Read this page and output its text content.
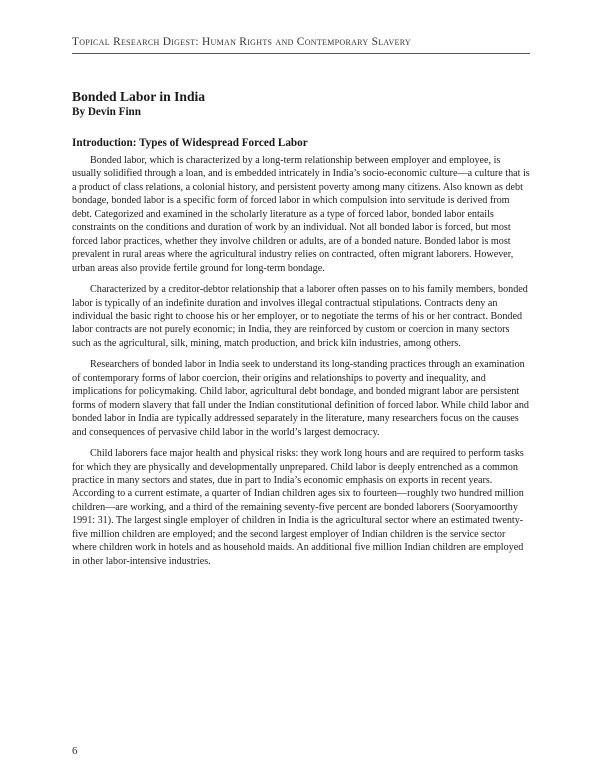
Topical Research Digest: Human Rights and Contemporary Slavery
Bonded Labor in India
By Devin Finn
Introduction: Types of Widespread Forced Labor

Bonded labor, which is characterized by a long-term relationship between employer and employee, is usually solidified through a loan, and is embedded intricately in India’s socio-economic culture—a culture that is a product of class relations, a colonial history, and persistent poverty among many citizens. Also known as debt bondage, bonded labor is a specific form of forced labor in which compulsion into servitude is derived from debt. Categorized and examined in the scholarly literature as a type of forced labor, bonded labor entails constraints on the conditions and duration of work by an individual. Not all bonded labor is forced, but most forced labor practices, whether they involve children or adults, are of a bonded nature. Bonded labor is most prevalent in rural areas where the agricultural industry relies on contracted, often migrant laborers. However, urban areas also provide fertile ground for long-term bondage.

Characterized by a creditor-debtor relationship that a laborer often passes on to his family members, bonded labor is typically of an indefinite duration and involves illegal contractual stipulations. Contracts deny an individual the basic right to choose his or her employer, or to negotiate the terms of his or her contract. Bonded labor contracts are not purely economic; in India, they are reinforced by custom or coercion in many sectors such as the agricultural, silk, mining, match production, and brick kiln industries, among others.

Researchers of bonded labor in India seek to understand its long-standing practices through an examination of contemporary forms of labor coercion, their origins and relationships to poverty and inequality, and implications for policymaking. Child labor, agricultural debt bondage, and bonded migrant labor are persistent forms of modern slavery that fall under the Indian constitutional definition of forced labor. While child labor and bonded labor in India are typically addressed separately in the literature, many researchers focus on the causes and consequences of pervasive child labor in the world’s largest democracy.

Child laborers face major health and physical risks: they work long hours and are required to perform tasks for which they are physically and developmentally unprepared. Child labor is deeply entrenched as a common practice in many sectors and states, due in part to India’s economic emphasis on exports in recent years. According to a current estimate, a quarter of Indian children ages six to fourteen—roughly two hundred million children—are working, and a third of the remaining seventy-five percent are bonded laborers (Sooryamoorthy 1991: 31). The largest single employer of children in India is the agricultural sector where an estimated twenty-five million children are employed; and the second largest employer of Indian children is the service sector where children work in hotels and as household maids. An additional five million Indian children are employed in other labor-intensive industries.

6
